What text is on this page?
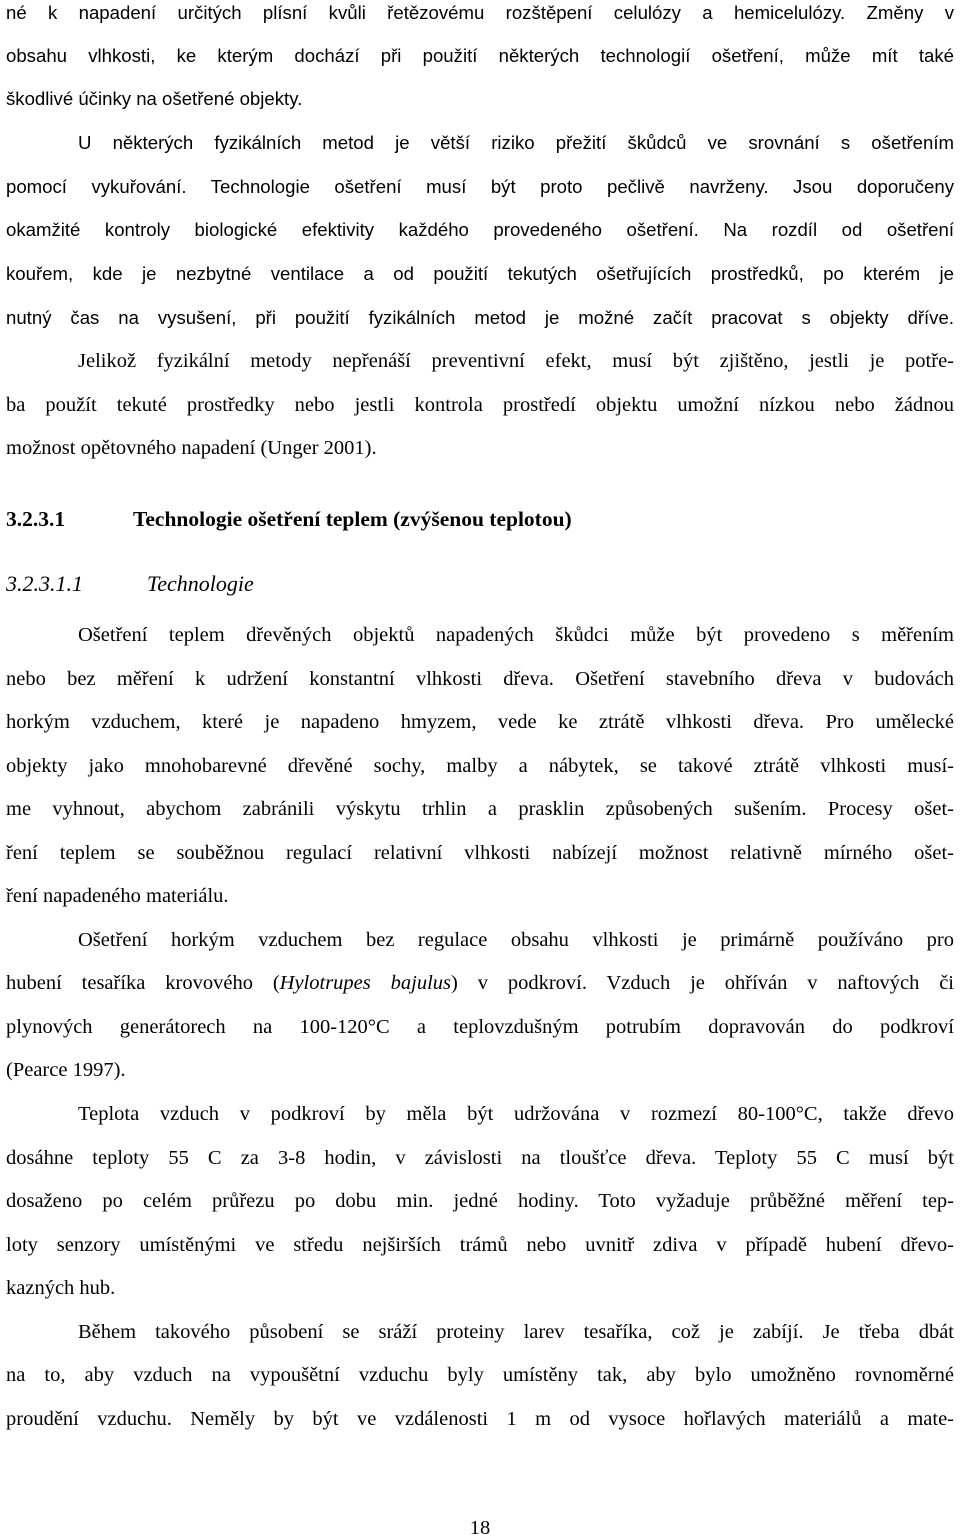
né k napadení určitých plísní kvůli řetězovému rozštěpení celulózy a hemicelulózy. Změny v
obsahu vlhkosti, ke kterým dochází při použití některých technologií ošetření, může mít také
škodlivé účinky na ošetřené objekty.
U některých fyzikálních metod je větší riziko přežití škůdců ve srovnání s ošetřením
pomocí vykuřování. Technologie ošetření musí být proto pečlivě navrženy. Jsou doporučeny
okamžité kontroly biologické efektivity každého provedeného ošetření. Na rozdíl od ošetření
kouřem, kde je nezbytné ventilace a od použití tekutých ošetřujících prostředků, po kterém je
nutný čas na vysušení, při použití fyzikálních metod je možné začít pracovat s objekty dříve.
Jelikož fyzikální metody nepřenáší preventivní efekt, musí být zjištěno, jestli je potře-
ba použít tekuté prostředky nebo jestli kontrola prostředí objektu umožní nízkou nebo žádnou
možnost opětovného napadení (Unger 2001).
3.2.3.1	Technologie ošetření teplem (zvýšenou teplotou)
3.2.3.1.1	Technologie
Ošetření teplem dřevěných objektů napadených škůdci může být provedeno s měřením
nebo bez měření k udržení konstantní vlhkosti dřeva. Ošetření stavebního dřeva v budovách
horkým vzduchem, které je napadeno hmyzem, vede ke ztrátě vlhkosti dřeva. Pro umělecké
objekty jako mnohobarevné dřevěné sochy, malby a nábytek, se takové ztrátě vlhkosti musí-
me vyhnout, abychom zabránili výskytu trhlin a prasklin způsobených sušením. Procesy ošet-
ření teplem se souběžnou regulací relativní vlhkosti nabízejí možnost relativně mírného ošet-
ření napadeného materiálu.
Ošetření horkým vzduchem bez regulace obsahu vlhkosti je primárně používáno pro
hubení tesaříka krovového (Hylotrupes bajulus) v podkroví. Vzduch je ohříván v naftových či
plynových generátorech na 100-120°C a teplovzdušným potrubím dopravován do podkroví
(Pearce 1997).
Teplota vzduch v podkroví by měla být udržována v rozmezí 80-100°C, takže dřevo
dosáhne teploty 55 C za 3-8 hodin, v závislosti na tloušťce dřeva. Teploty 55 C musí být
dosaženo po celém průřezu po dobu min. jedné hodiny. Toto vyžaduje průběžné měření tep-
loty senzory umístěnými ve středu nejširších trámů nebo uvnitř zdiva v případě hubení dřevo-
kazných hub.
Během takového působení se sráží proteiny larev tesaříka, což je zabíjí. Je třeba dbát
na to, aby vzduch na vypoušětní vzduchu byly umístěny tak, aby bylo umožněno rovnoměrné
proudění vzduchu. Neměly by být ve vzdálenosti 1 m od vysoce hořlavých materiálů a mate-
18
